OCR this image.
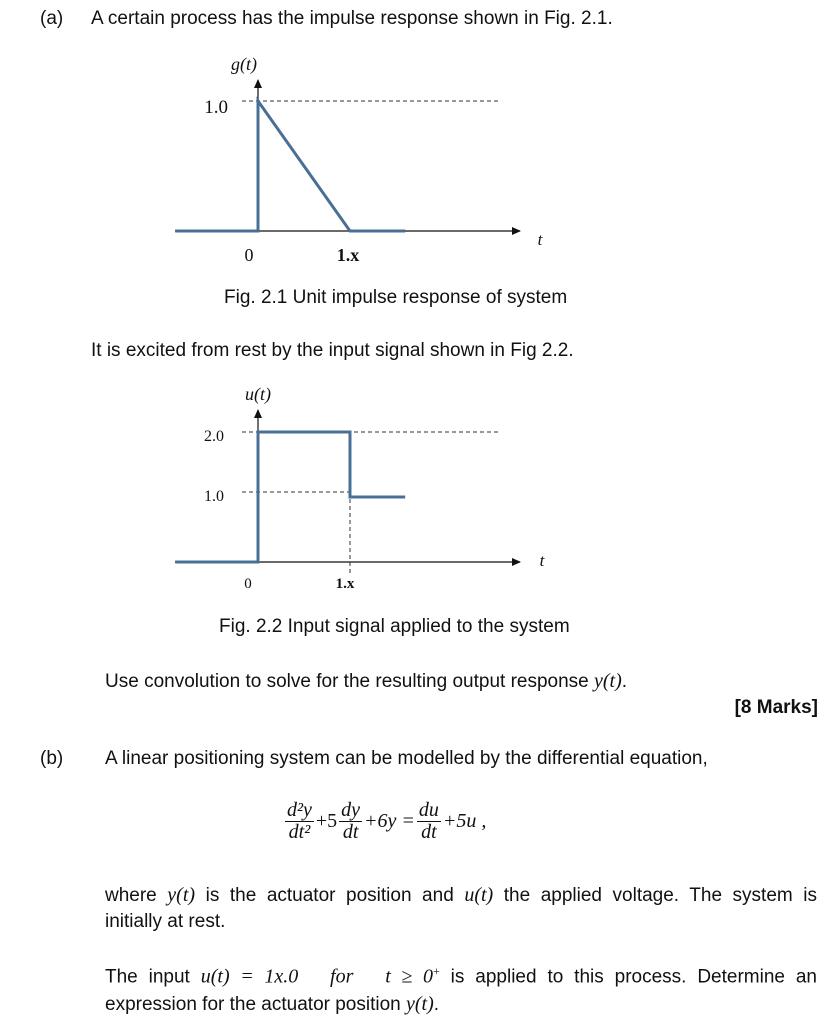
(a) A certain process has the impulse response shown in Fig. 2.1.
g(t)
1.0
0	1.x
t
Fig. 2.1 Unit impulse response of system
It is excited from rest by the input signal shown in Fig 2.2.
u(t)
2.0
1.0
0	1.x
t
Fig. 2.2 Input signal applied to the system
Use convolution to solve for the resulting output response y(t).
[8 Marks]
(b) A linear positioning system can be modelled by the differential equation,
$\frac{\text{d²y}}{\text{dt²}} +5 \frac{dy}{dt} +6y = \frac{du}{dt} +5u$ ,
where y(t) is the actuator position and u(t) the applied voltage. The system is
initially at rest.
The input u(t) = 1x.0   for   t ≥ 0+ is applied to this process. Determine an
expression for the actuator position y(t).
